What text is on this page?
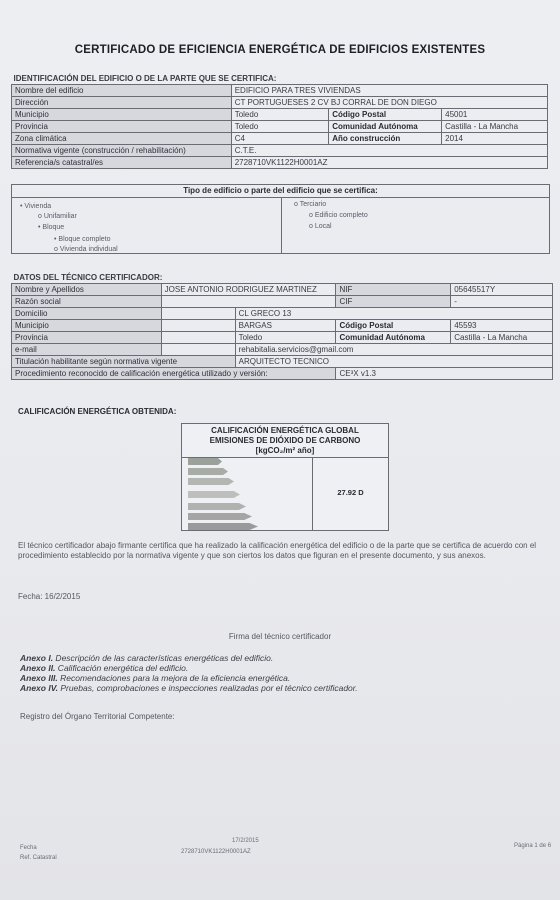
CERTIFICADO DE EFICIENCIA ENERGÉTICA DE EDIFICIOS EXISTENTES
IDENTIFICACIÓN DEL EDIFICIO O DE LA PARTE QUE SE CERTIFICA:			
Nombre del edificio	EDIFICIO PARA TRES VIVIENDAS		
Dirección	CT PORTUGUESES 2 CV BJ CORRAL DE DON DIEGO		
Municipio	Toledo	Código Postal	45001
Provincia	Toledo	Comunidad Autónoma	Castilla - La Mancha
Zona climática	C4	Año construcción	2014
Normativa vigente (construcción / rehabilitación)	C.T.E.		
Referencia/s catastral/es	2728710VK1122H0001AZ		
Tipo de edificio o parte del edificio que se certifica:
• Vivienda
o Unifamiliar
• Bloque
• Bloque completo
o Vivienda individual
o Terciario
o Edificio completo
o Local
DATOS DEL TÉCNICO CERTIFICADOR:				
Nombre y Apellidos	JOSE ANTONIO RODRIGUEZ MARTINEZ		NIF	05645517Y
Razón social			CIF	-
Domicilio		CL GRECO 13		
Municipio		BARGAS	Código Postal	45593
Provincia		Toledo	Comunidad Autónoma	Castilla - La Mancha
e-mail		rehabitalia.servicios@gmail.com		
Titulación habilitante según normativa vigente		ARQUITECTO TECNICO		
Procedimiento reconocido de calificación energética utilizado y versión:			CE³X v1.3	
CALIFICACIÓN ENERGÉTICA OBTENIDA:
CALIFICACIÓN ENERGÉTICA GLOBAL
EMISIONES DE DIÓXIDO DE CARBONO
[kgCO₂/m² año]
27.92 D
El técnico certificador abajo firmante certifica que ha realizado la calificación energética del edificio o de la parte que se certifica de acuerdo con el procedimiento establecido por la normativa vigente y que son ciertos los datos que figuran en el presente documento, y sus anexos.
Fecha: 16/2/2015
Firma del técnico certificador
Anexo I. Descripción de las características energéticas del edificio.
Anexo II. Calificación energética del edificio.
Anexo III. Recomendaciones para la mejora de la eficiencia energética.
Anexo IV. Pruebas, comprobaciones e inspecciones realizadas por el técnico certificador.
Registro del Órgano Territorial Competente:
Fecha
Ref. Catastral
17/2/2015
2728710VK1122H0001AZ
Página 1 de 6
